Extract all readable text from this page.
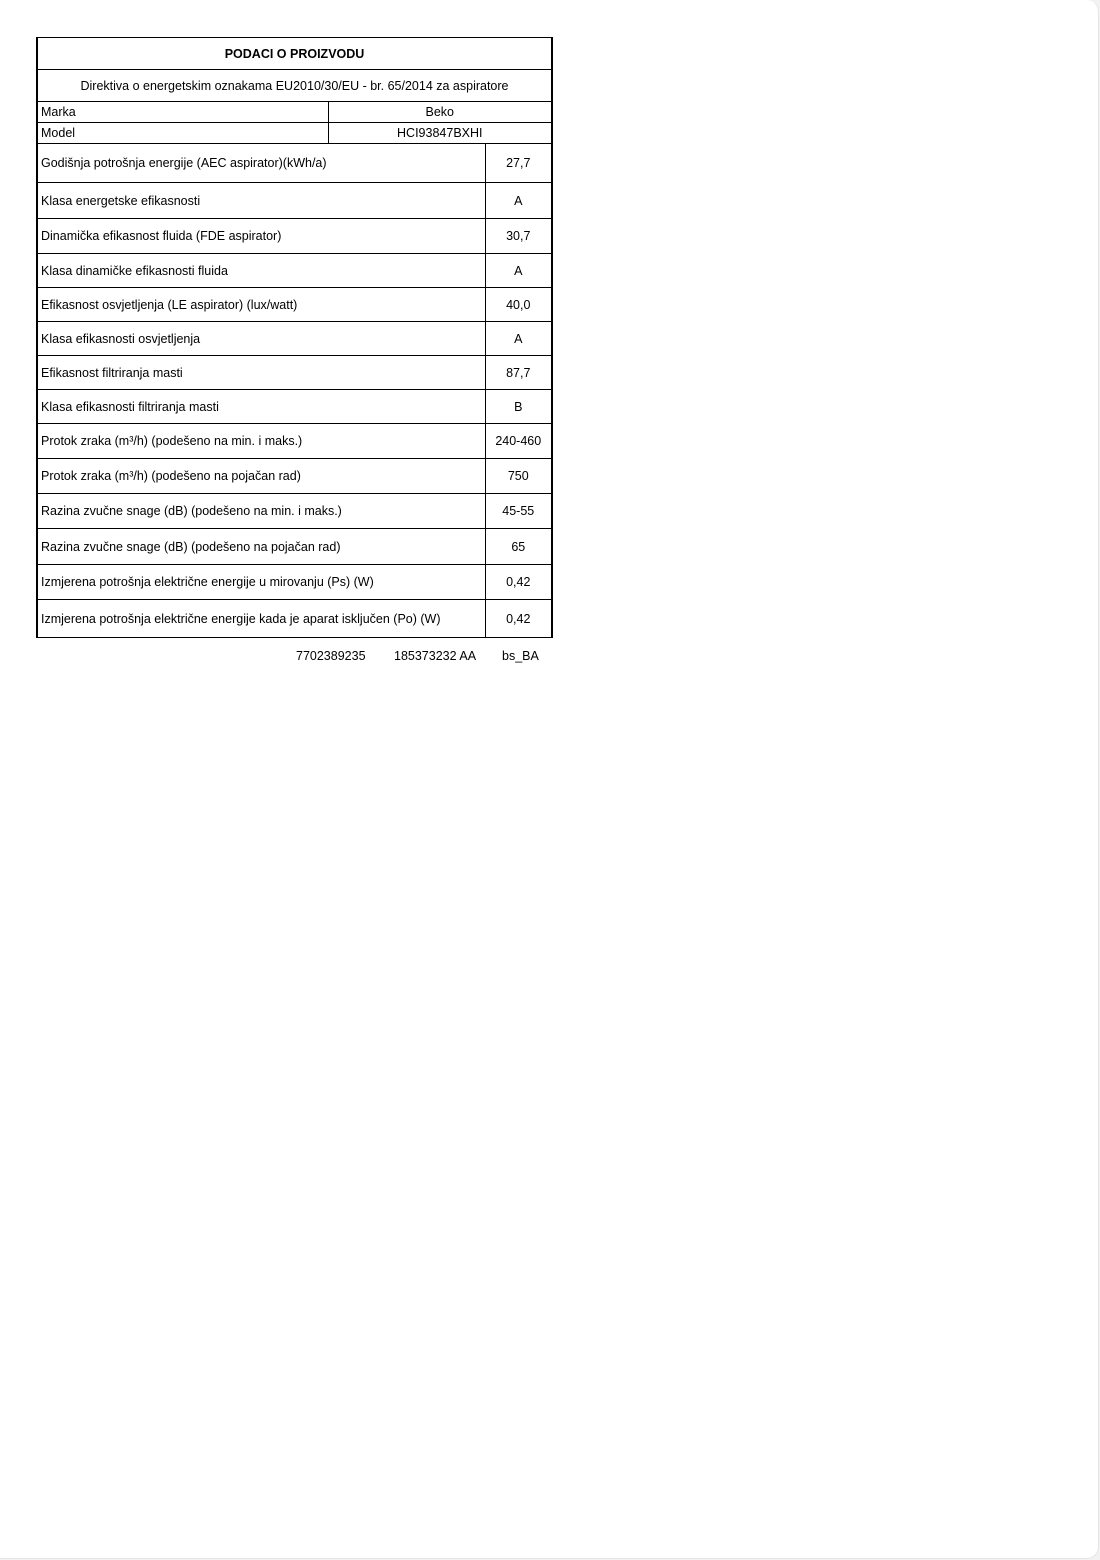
PODACI O PROIZVODU		
Direktiva o energetskim oznakama EU2010/30/EU - br. 65/2014 za aspiratore		
Marka	Beko	
Model	HCI93847BXHI	
Godišnja potrošnja energije (AEC aspirator)(kWh/a)		27,7
Klasa energetske efikasnosti		A
Dinamička efikasnost fluida (FDE aspirator)		30,7
Klasa dinamičke efikasnosti fluida		A
Efikasnost osvjetljenja (LE aspirator) (lux/watt)		40,0
Klasa efikasnosti osvjetljenja		A
Efikasnost filtriranja masti		87,7
Klasa efikasnosti filtriranja masti		B
Protok zraka (m³/h) (podešeno na min. i maks.)		240-460
Protok zraka (m³/h) (podešeno na pojačan rad)		750
Razina zvučne snage (dB) (podešeno na min. i maks.)		45-55
Razina zvučne snage (dB) (podešeno na pojačan rad)		65
Izmjerena potrošnja električne energije u mirovanju (Ps) (W)		0,42
Izmjerena potrošnja električne energije kada je aparat isključen (Po) (W)		0,42
7702389235 185373232 AA bs_BA
